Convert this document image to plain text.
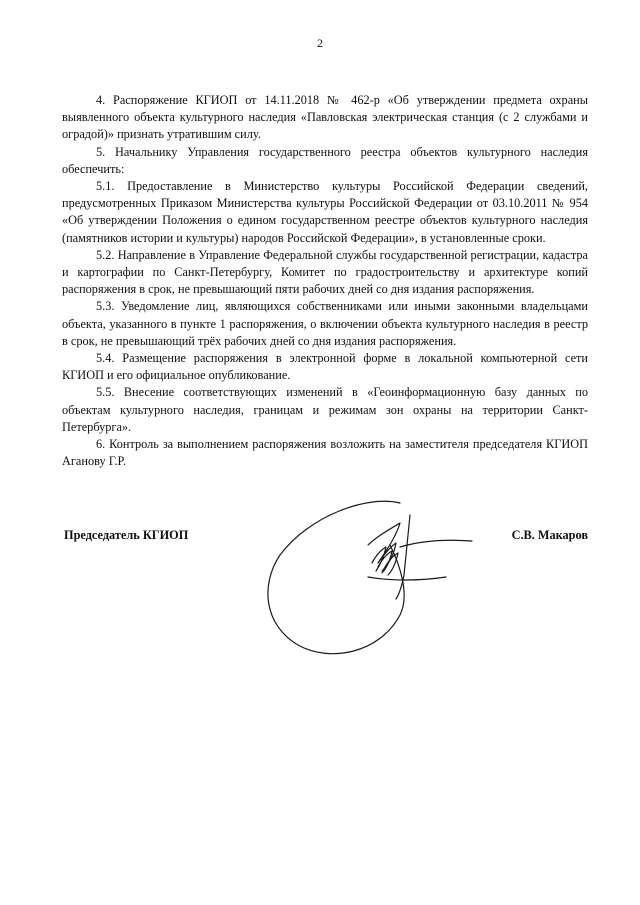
2

4. Распоряжение КГИОП от 14.11.2018 № 462-р «Об утверждении предмета охраны выявленного объекта культурного наследия «Павловская электрическая станция (с 2 службами и оградой)» признать утратившим силу.

5. Начальнику Управления государственного реестра объектов культурного наследия обеспечить:

5.1. Предоставление в Министерство культуры Российской Федерации сведений, предусмотренных Приказом Министерства культуры Российской Федерации от 03.10.2011 № 954 «Об утверждении Положения о едином государственном реестре объектов культурного наследия (памятников истории и культуры) народов Российской Федерации», в установленные сроки.

5.2. Направление в Управление Федеральной службы государственной регистрации, кадастра и картографии по Санкт-Петербургу, Комитет по градостроительству и архитектуре копий распоряжения в срок, не превышающий пяти рабочих дней со дня издания распоряжения.

5.3. Уведомление лиц, являющихся собственниками или иными законными владельцами объекта, указанного в пункте 1 распоряжения, о включении объекта культурного наследия в реестр в срок, не превышающий трёх рабочих дней со дня издания распоряжения.

5.4. Размещение распоряжения в электронной форме в локальной компьютерной сети КГИОП и его официальное опубликование.

5.5. Внесение соответствующих изменений в «Геоинформационную базу данных по объектам культурного наследия, границам и режимам зон охраны на территории Санкт-Петербурга».

6. Контроль за выполнением распоряжения возложить на заместителя председателя КГИОП Аганову Г.Р.

Председатель КГИОП	С.В. Макаров
